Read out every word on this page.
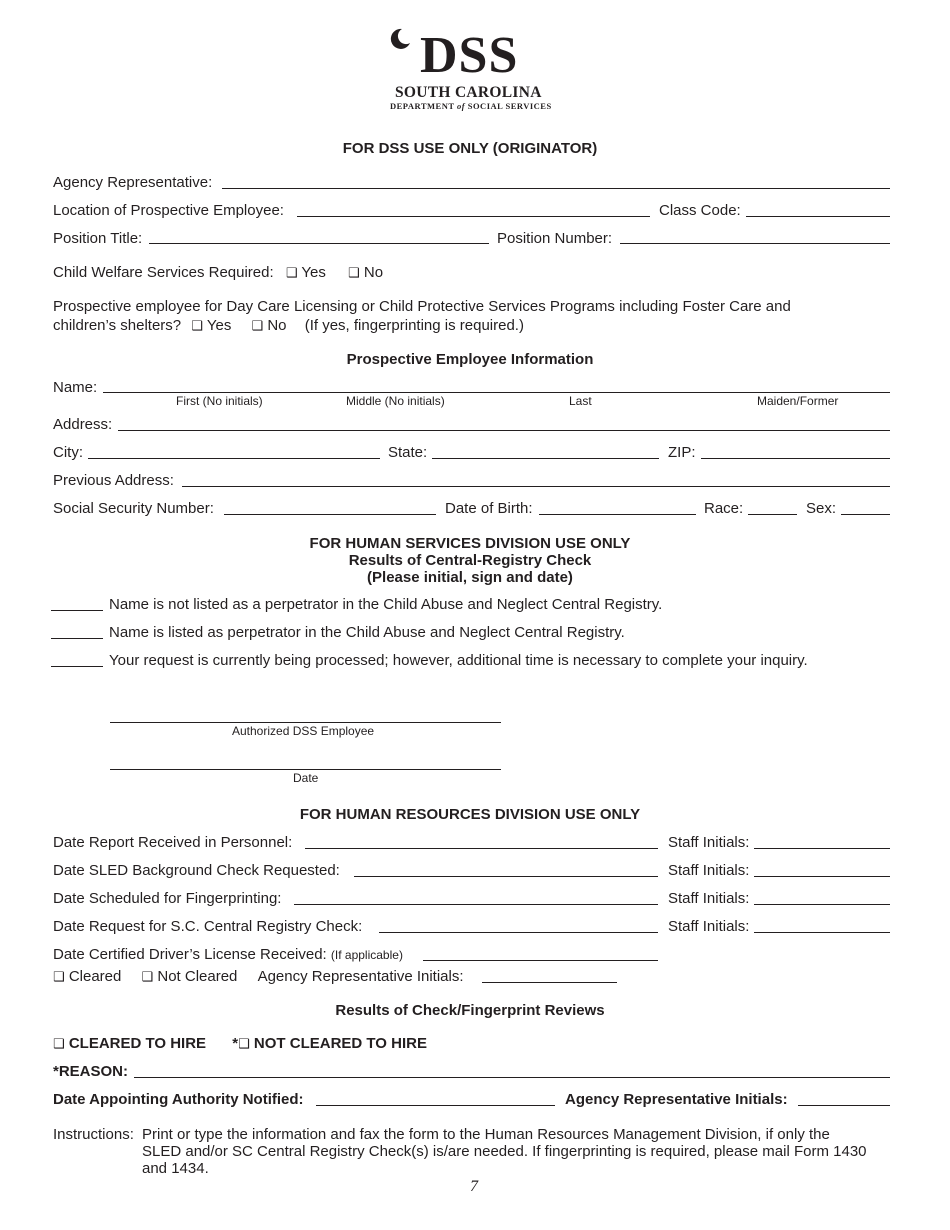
DSS
SOUTH CAROLINA
DEPARTMENT of SOCIAL SERVICES
FOR DSS USE ONLY (ORIGINATOR)
Agency Representative:
Location of Prospective Employee:	Class Code:
Position Title:	Position Number:
Child Welfare Services Required: ❑ Yes ❑ No
Prospective employee for Day Care Licensing or Child Protective Services Programs including Foster Care and
children’s shelters? ❑ Yes ❑ No (If yes, fingerprinting is required.)
Prospective Employee Information
Name:
First (No initials)	Middle (No initials)	Last	Maiden/Former
Address:
City:	State:	ZIP:
Previous Address:
Social Security Number:	Date of Birth:	Race:	Sex:
FOR HUMAN SERVICES DIVISION USE ONLY
Results of Central-Registry Check
(Please initial, sign and date)
Name is not listed as a perpetrator in the Child Abuse and Neglect Central Registry.
Name is listed as perpetrator in the Child Abuse and Neglect Central Registry.
Your request is currently being processed; however, additional time is necessary to complete your inquiry.
Authorized DSS Employee
Date
FOR HUMAN RESOURCES DIVISION USE ONLY
Date Report Received in Personnel:	Staff Initials:
Date SLED Background Check Requested:	Staff Initials:
Date Scheduled for Fingerprinting:	Staff Initials:
Date Request for S.C. Central Registry Check:	Staff Initials:
Date Certified Driver’s License Received: (If applicable)
❑ Cleared ❑ Not Cleared Agency Representative Initials:
Results of Check/Fingerprint Reviews
❑ CLEARED TO HIRE *❑ NOT CLEARED TO HIRE
*REASON:
Date Appointing Authority Notified:	Agency Representative Initials:
Instructions: Print or type the information and fax the form to the Human Resources Management Division, if only the
SLED and/or SC Central Registry Check(s) is/are needed. If fingerprinting is required, please mail Form 1430
and 1434.
7
